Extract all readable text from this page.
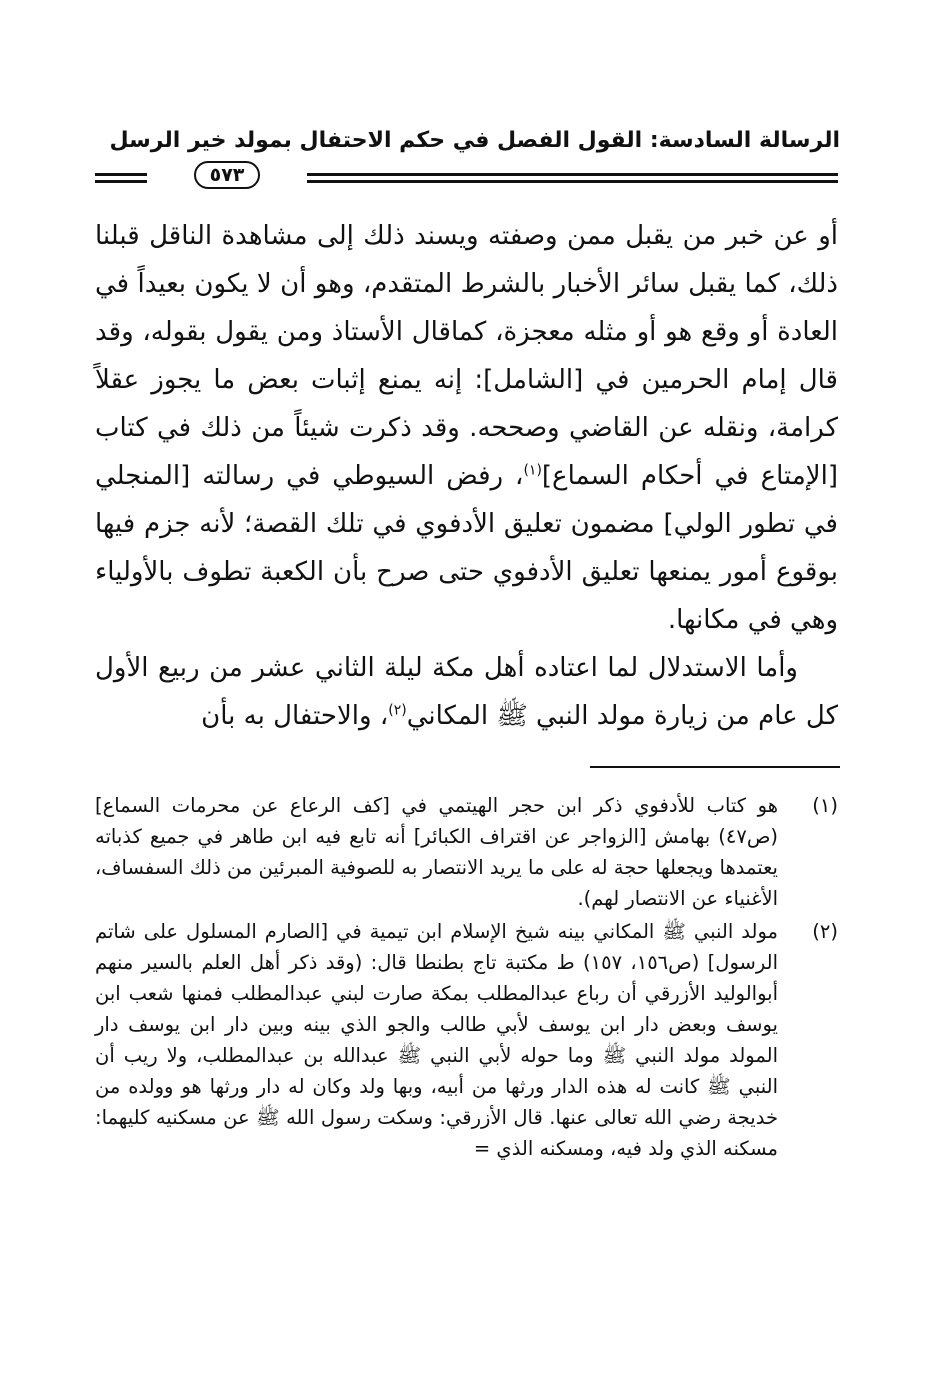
الرسالة السادسة: القول الفصل في حكم الاحتفال بمولد خير الرسل
٥٧٣

أو عن خبر من يقبل ممن وصفته ويسند ذلك إلى مشاهدة الناقل قبلنا ذلك، كما يقبل سائر الأخبار بالشرط المتقدم، وهو أن لا يكون بعيداً في العادة أو وقع هو أو مثله معجزة، كماقال الأستاذ ومن يقول بقوله، وقد قال إمام الحرمين في [الشامل]: إنه يمنع إثبات بعض ما يجوز عقلاً كرامة، ونقله عن القاضي وصححه. وقد ذكرت شيئاً من ذلك في كتاب [الإمتاع في أحكام السماع]$^{(١)}$، رفض السيوطي في رسالته [المنجلي في تطور الولي] مضمون تعليق الأدفوي في تلك القصة؛ لأنه جزم فيها بوقوع أمور يمنعها تعليق الأدفوي حتى صرح بأن الكعبة تطوف بالأولياء وهي في مكانها.

وأما الاستدلال لما اعتاده أهل مكة ليلة الثاني عشر من ربيع الأول كل عام من زيارة مولد النبي ﷺ المكاني$^{(٢)}$، والاحتفال به بأن

(١)
هو كتاب للأدفوي ذكر ابن حجر الهيتمي في [كف الرعاع عن محرمات السماع] (ص٤٧) بهامش [الزواجر عن اقتراف الكبائر] أنه تابع فيه ابن طاهر في جميع كذباته يعتمدها ويجعلها حجة له على ما يريد الانتصار به للصوفية المبرئين من ذلك السفساف، الأغنياء عن الانتصار لهم).
(٢)
مولد النبي ﷺ المكاني بينه شيخ الإسلام ابن تيمية في [الصارم المسلول على شاتم الرسول] (ص١٥٦، ١٥٧) ط مكتبة تاج بطنطا قال: (وقد ذكر أهل العلم بالسير منهم أبوالوليد الأزرقي أن رباع عبدالمطلب بمكة صارت لبني عبدالمطلب فمنها شعب ابن يوسف وبعض دار ابن يوسف لأبي طالب والجو الذي بينه وبين دار ابن يوسف دار المولد مولد النبي ﷺ وما حوله لأبي النبي ﷺ عبدالله بن عبدالمطلب، ولا ريب أن النبي ﷺ كانت له هذه الدار ورثها من أبيه، وبها ولد وكان له دار ورثها هو وولده من خديجة رضي الله تعالى عنها. قال الأزرقي: وسكت رسول الله ﷺ عن مسكنيه كليهما: مسكنه الذي ولد فيه، ومسكنه الذي =
